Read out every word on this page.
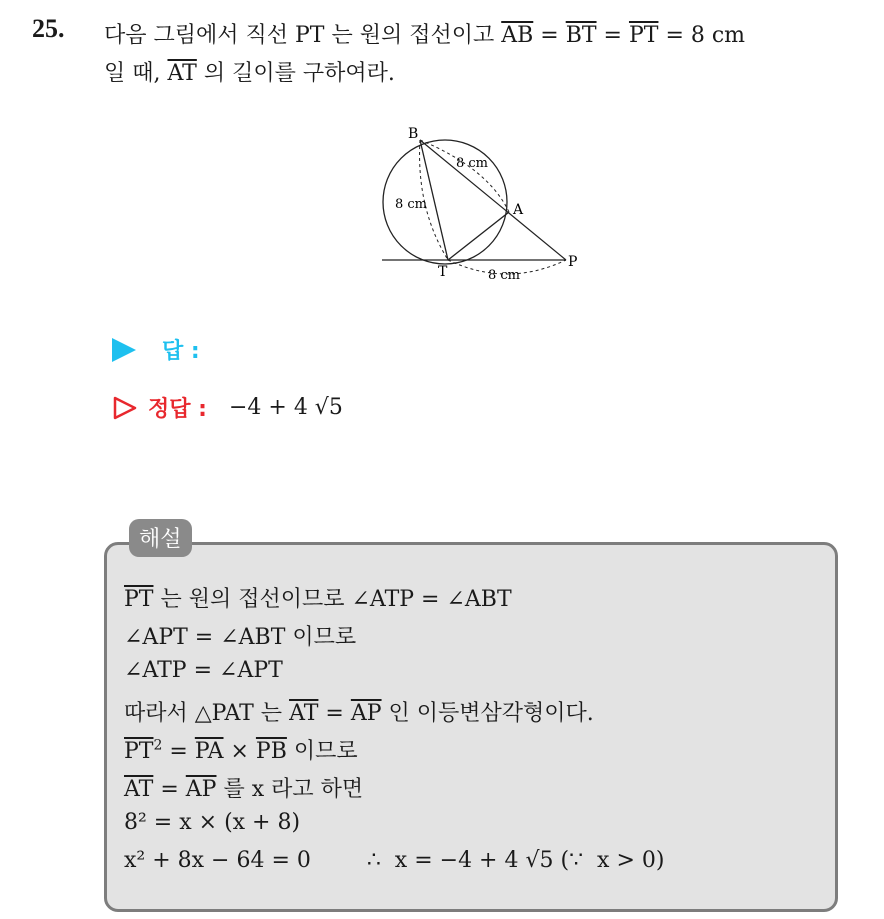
25. 다음 그림에서 직선 PT 는 원의 접선이고 $\overline{AB} = \overline{BT} = \overline{PT} = 8$ cm
일 때, $\overline{AT}$ 의 길이를 구하여라.
B
A
T
P
8 cm
8 cm
8 cm
답 :
정답 : −4 + 4 √5
해설
$\overline{PT}$ 는 원의 접선이므로 ∠ATP = ∠ABT
∠APT = ∠ABT 이므로
∠ATP = ∠APT
따라서 △PAT 는 $\overline{AT} = \overline{AP}$ 인 이등변삼각형이다.
$\overline{PT}^2 = \overline{PA} \times \overline{PB}$ 이므로
$\overline{AT} = \overline{AP}$ 를 x 라고 하면
8² = x × (x + 8)
x² + 8x − 64 = 0        ∴  x = −4 + 4 √5 (∵  x > 0)
